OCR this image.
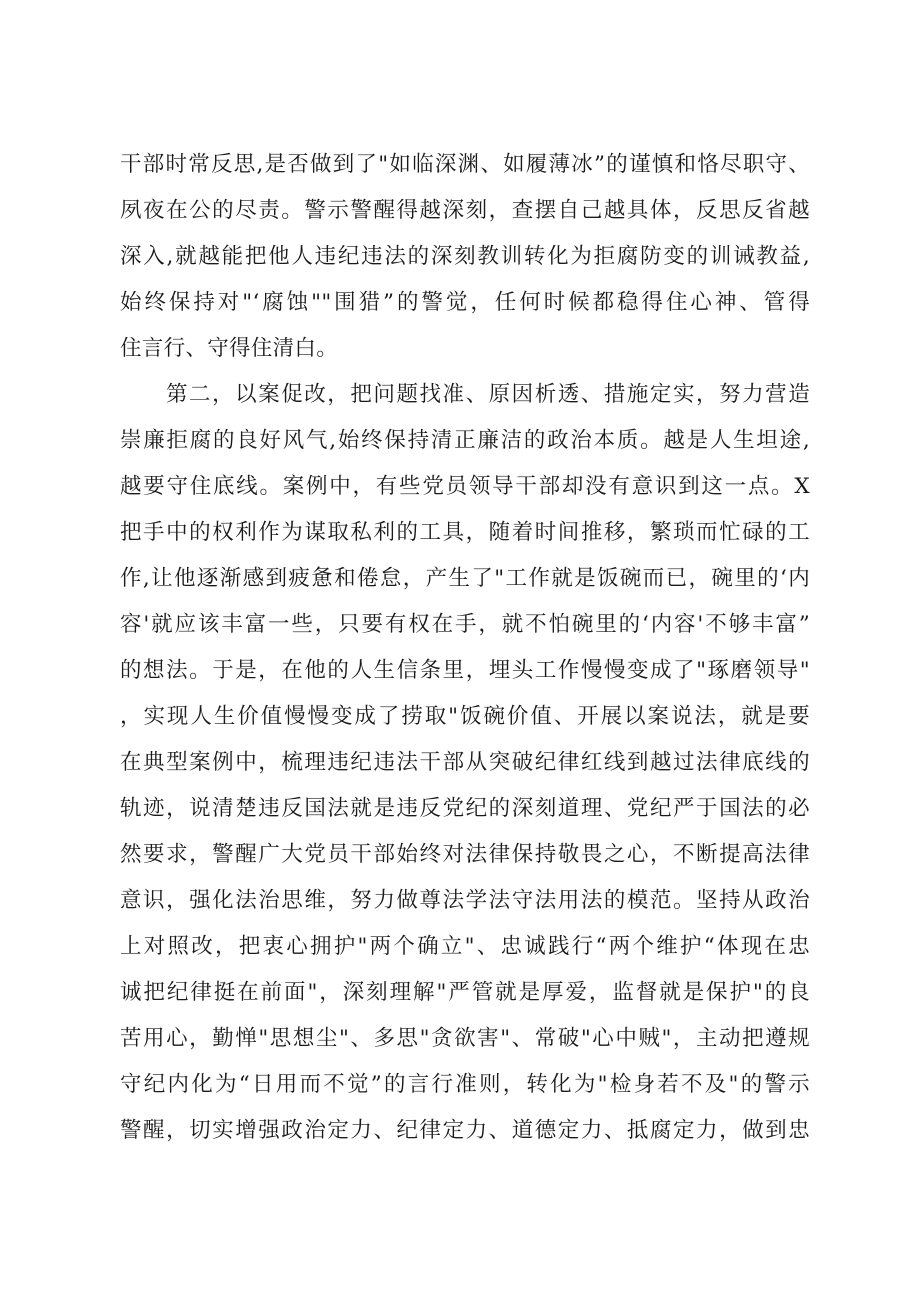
干部时常反思,是否做到了"如临深渊、如履薄冰”的谨慎和恪尽职守、
夙夜在公的尽责。警示警醒得越深刻，查摆自己越具体，反思反省越
深入,就越能把他人违纪违法的深刻教训转化为拒腐防变的训诫教益,
始终保持对"‘腐蚀""围猎”的警觉，任何时候都稳得住心神、管得
住言行、守得住清白。
第二，以案促改，把问题找准、原因析透、措施定实，努力营造
崇廉拒腐的良好风气,始终保持清正廉洁的政治本质。越是人生坦途,
越要守住底线。案例中，有些党员领导干部却没有意识到这一点。X
把手中的权利作为谋取私利的工具，随着时间推移，繁琐而忙碌的工
作,让他逐渐感到疲惫和倦怠，产生了"工作就是饭碗而已，碗里的‘内
容'就应该丰富一些，只要有权在手，就不怕碗里的‘内容'不够丰富”
的想法。于是，在他的人生信条里，埋头工作慢慢变成了"琢磨领导"
，实现人生价值慢慢变成了捞取"饭碗价值、开展以案说法，就是要
在典型案例中，梳理违纪违法干部从突破纪律红线到越过法律底线的
轨迹，说清楚违反国法就是违反党纪的深刻道理、党纪严于国法的必
然要求，警醒广大党员干部始终对法律保持敬畏之心，不断提高法律
意识，强化法治思维，努力做尊法学法守法用法的模范。坚持从政治
上对照改，把衷心拥护"两个确立"、忠诚践行“两个维护“体现在忠
诚把纪律挺在前面"，深刻理解"严管就是厚爱，监督就是保护"的良
苦用心，勤惮"思想尘"、多思"贪欲害"、常破"心中贼"，主动把遵规
守纪内化为“日用而不觉”的言行准则，转化为"检身若不及"的警示
警醒，切实增强政治定力、纪律定力、道德定力、抵腐定力，做到忠
